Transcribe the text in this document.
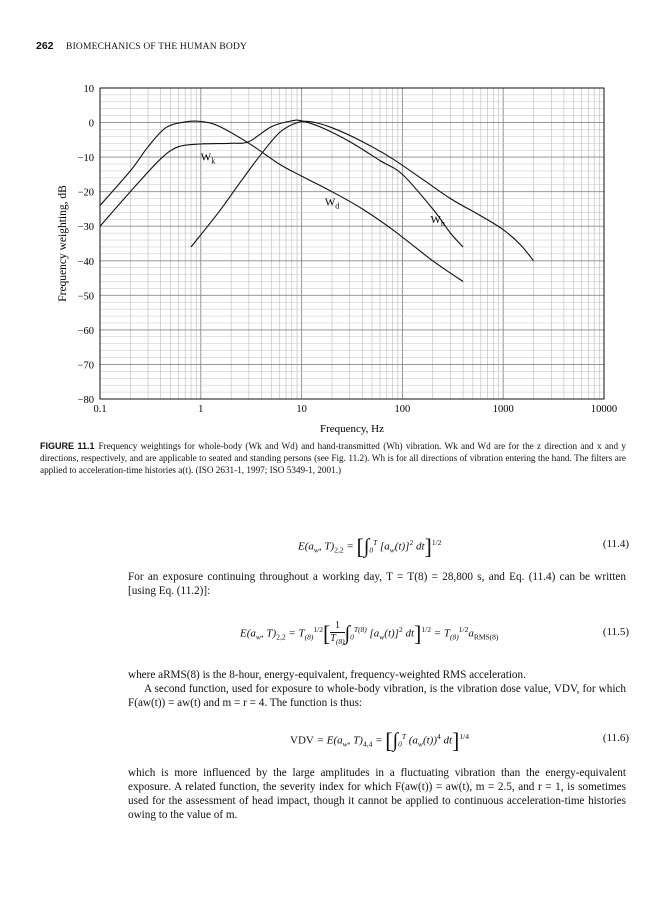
262 BIOMECHANICS OF THE HUMAN BODY
10
0
−10
−20
−30
−40
−50
−60
−70
−80
0.1	1	10	100	1000	10000
$W_k$
$W_d$
$W_h$
Frequency, Hz
Frequency weighting, dB
FIGURE 11.1 Frequency weightings for whole-body (Wk and Wd) and hand-transmitted (Wh) vibration. Wk and Wd are for the z direction and x and y directions, respectively, and are applicable to seated and standing persons (see Fig. 11.2). Wh is for all directions of vibration entering the hand. The filters are applied to acceleration-time histories a(t). (ISO 2631-1, 1997; ISO 5349-1, 2001.)
$E(a_w$, $T)_{2,2} = [\int_0^T$ $[a_w(t)]^2$ dt]$^{1/2}$	(11.4)
For an exposure continuing throughout a working day, T = T(8) = 28,800 s, and Eq. (11.4) can be written [using Eq. (11.2)]:
$E(a_w$, $T)_{2,2} = T_{(8)}^{1/2}[ \frac{1}{T_{(8)}}\int_0^{T(8)}$ $[a_w(t)]^2$ $dt]^{1/2} = T_{(8)}^{1/2}a_{RMS(8)}$	(11.5)
where aRMS(8) is the 8-hour, energy-equivalent, frequency-weighted RMS acceleration.
A second function, used for exposure to whole-body vibration, is the vibration dose value, VDV, for which F(aw(t)) = aw(t) and m = r = 4. The function is thus:
VDV = $E(a_w$, $T)_{4,4} = [\int_0^T$ $(a_w(t))^4$ dt]$^{1/4}$	(11.6)
which is more influenced by the large amplitudes in a fluctuating vibration than the energy-equivalent exposure. A related function, the severity index for which F(aw(t)) = aw(t), m = 2.5, and r = 1, is sometimes used for the assessment of head impact, though it cannot be applied to continuous acceleration-time histories owing to the value of m.
